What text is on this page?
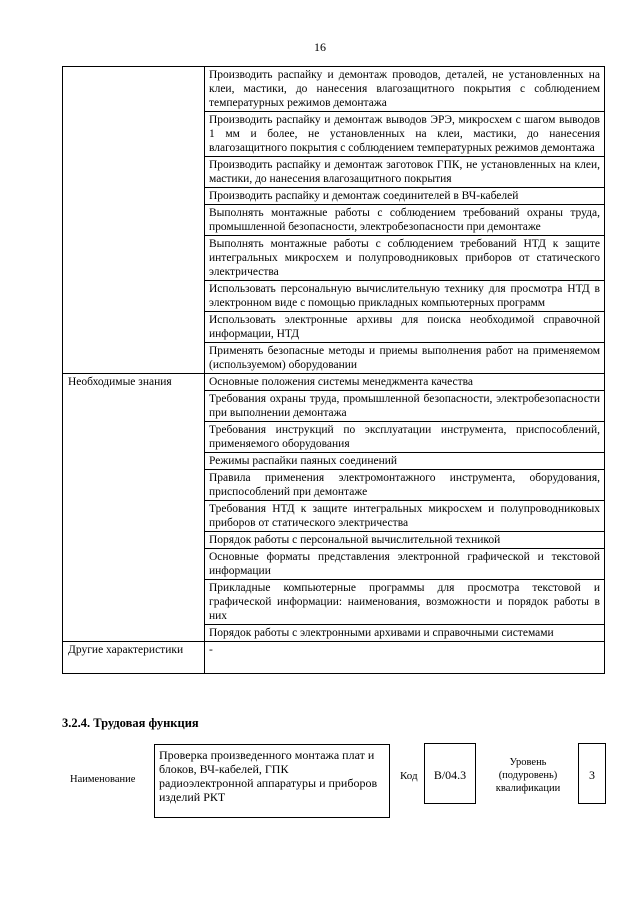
16
	Производить распайку и демонтаж проводов, деталей, не установленных на клеи, мастики, до нанесения влагозащитного покрытия с соблюдением температурных режимов демонтажа
	Производить распайку и демонтаж выводов ЭРЭ, микросхем с шагом выводов 1 мм и более, не установленных на клеи, мастики, до нанесения влагозащитного покрытия с соблюдением температурных режимов демонтажа
	Производить распайку и демонтаж заготовок ГПК, не установленных на клеи, мастики, до нанесения влагозащитного покрытия
	Производить распайку и демонтаж соединителей в ВЧ-кабелей
	Выполнять монтажные работы с соблюдением требований охраны труда, промышленной безопасности, электробезопасности при демонтаже
	Выполнять монтажные работы с соблюдением требований НТД к защите интегральных микросхем и полупроводниковых приборов от статического электричества
	Использовать персональную вычислительную технику для просмотра НТД в электронном виде с помощью прикладных компьютерных программ
	Использовать электронные архивы для поиска необходимой справочной информации, НТД
	Применять безопасные методы и приемы выполнения работ на применяемом (используемом) оборудовании
Необходимые знания	Основные положения системы менеджмента качества
	Требования охраны труда, промышленной безопасности, электробезопасности при выполнении демонтажа
	Требования инструкций по эксплуатации инструмента, приспособлений, применяемого оборудования
	Режимы распайки паяных соединений
	Правила применения электромонтажного инструмента, оборудования, приспособлений при демонтаже
	Требования НТД к защите интегральных микросхем и полупроводниковых приборов от статического электричества
	Порядок работы с персональной вычислительной техникой
	Основные форматы представления электронной графической и текстовой информации
	Прикладные компьютерные программы для просмотра текстовой и графической информации: наименования, возможности и порядок работы в них
	Порядок работы с электронными архивами и справочными системами
Другие характеристики	-
3.2.4. Трудовая функция
Наименование
Проверка произведенного монтажа плат и блоков, ВЧ-кабелей, ГПК радиоэлектронной аппаратуры и приборов изделий РКТ
Код	В/04.3
Уровень (подуровень) квалификации
3
